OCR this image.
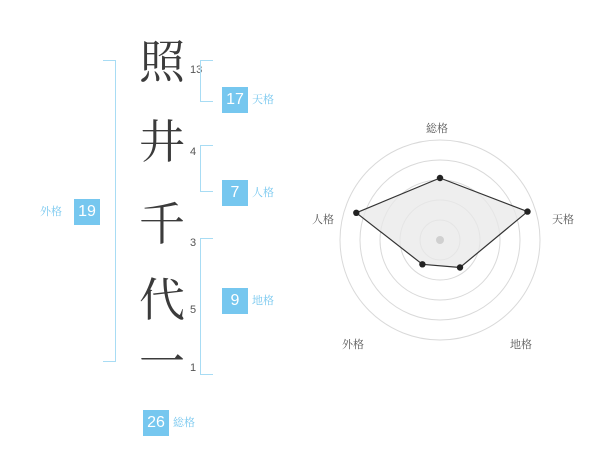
照
井
千
代
一
13
4
3
5
1
17 天格
7	人格
9	地格
19
外格
26 総格
総格
天格
地格
外格
人格
